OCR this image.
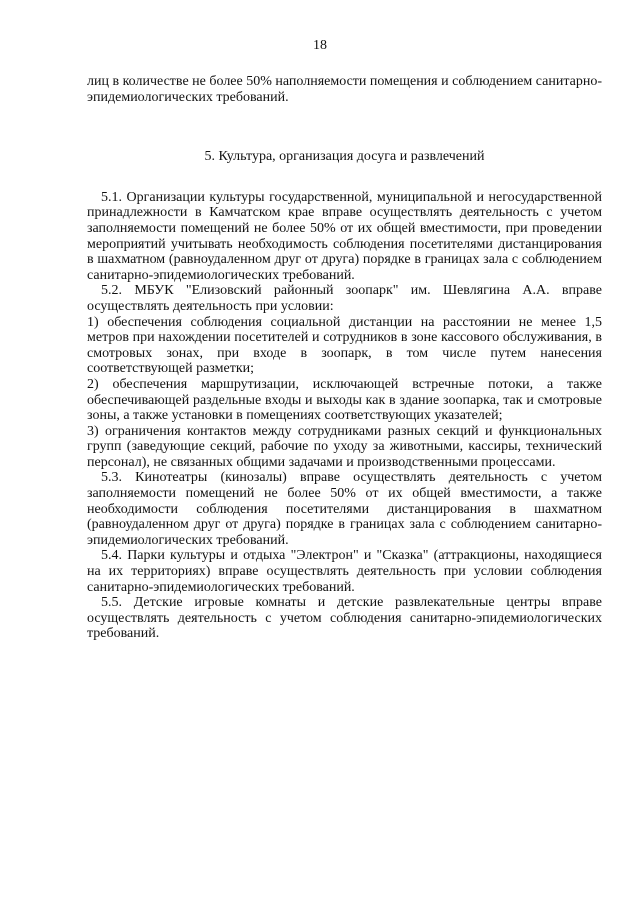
18

лиц в количестве не более 50% наполняемости помещения и соблюдением санитарно-эпидемиологических требований.

5. Культура, организация досуга и развлечений

5.1. Организации культуры государственной, муниципальной и негосударственной принадлежности в Камчатском крае вправе осуществлять деятельность с учетом заполняемости помещений не более 50% от их общей вместимости, при проведении мероприятий учитывать необходимость соблюдения посетителями дистанцирования в шахматном (равноудаленном друг от друга) порядке в границах зала с соблюдением санитарно-эпидемиологических требований.

5.2. МБУК "Елизовский районный зоопарк" им. Шевлягина А.А. вправе осуществлять деятельность при условии:

1) обеспечения соблюдения социальной дистанции на расстоянии не менее 1,5 метров при нахождении посетителей и сотрудников в зоне кассового обслуживания, в смотровых зонах, при входе в зоопарк, в том числе путем нанесения соответствующей разметки;

2) обеспечения маршрутизации, исключающей встречные потоки, а также обеспечивающей раздельные входы и выходы как в здание зоопарка, так и смотровые зоны, а также установки в помещениях соответствующих указателей;

3) ограничения контактов между сотрудниками разных секций и функциональных групп (заведующие секций, рабочие по уходу за животными, кассиры, технический персонал), не связанных общими задачами и производственными процессами.

5.3. Кинотеатры (кинозалы) вправе осуществлять деятельность с учетом заполняемости помещений не более 50% от их общей вместимости, а также необходимости соблюдения посетителями дистанцирования в шахматном (равноудаленном друг от друга) порядке в границах зала с соблюдением санитарно-эпидемиологических требований.

5.4. Парки культуры и отдыха "Электрон" и "Сказка" (аттракционы, находящиеся на их территориях) вправе осуществлять деятельность при условии соблюдения санитарно-эпидемиологических требований.

5.5. Детские игровые комнаты и детские развлекательные центры вправе осуществлять деятельность с учетом соблюдения санитарно-эпидемиологических требований.
